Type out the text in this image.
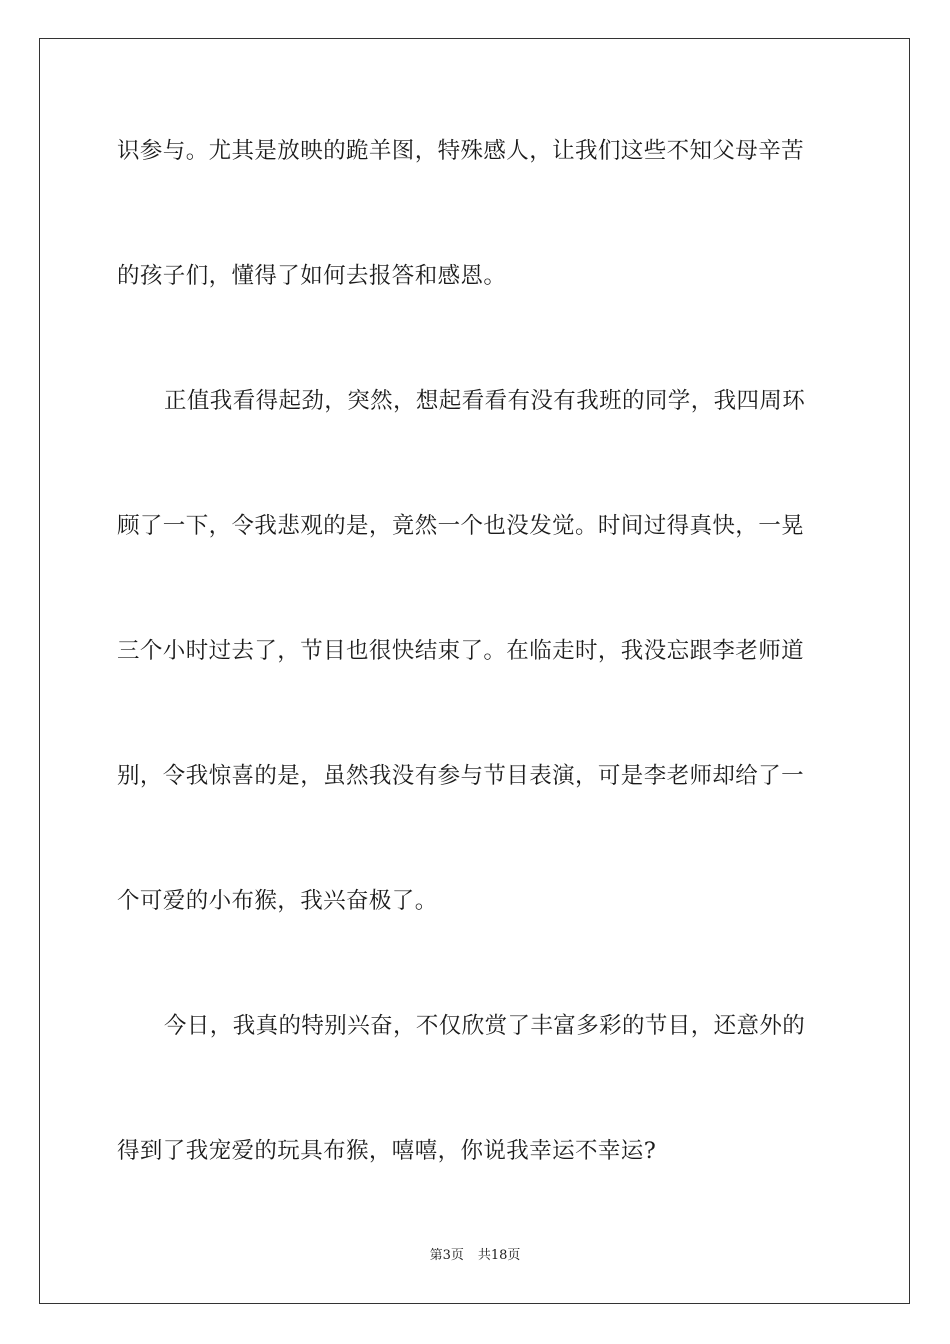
识参与。尤其是放映的跪羊图，特殊感人，让我们这些不知父母辛苦
的孩子们，懂得了如何去报答和感恩。
正值我看得起劲，突然，想起看看有没有我班的同学，我四周环
顾了一下，令我悲观的是，竟然一个也没发觉。时间过得真快，一晃
三个小时过去了，节目也很快结束了。在临走时，我没忘跟李老师道
别，令我惊喜的是，虽然我没有参与节目表演，可是李老师却给了一
个可爱的小布猴，我兴奋极了。
今日，我真的特别兴奋，不仅欣赏了丰富多彩的节目，还意外的
得到了我宠爱的玩具布猴，嘻嘻，你说我幸运不幸运?
第3页 共18页
